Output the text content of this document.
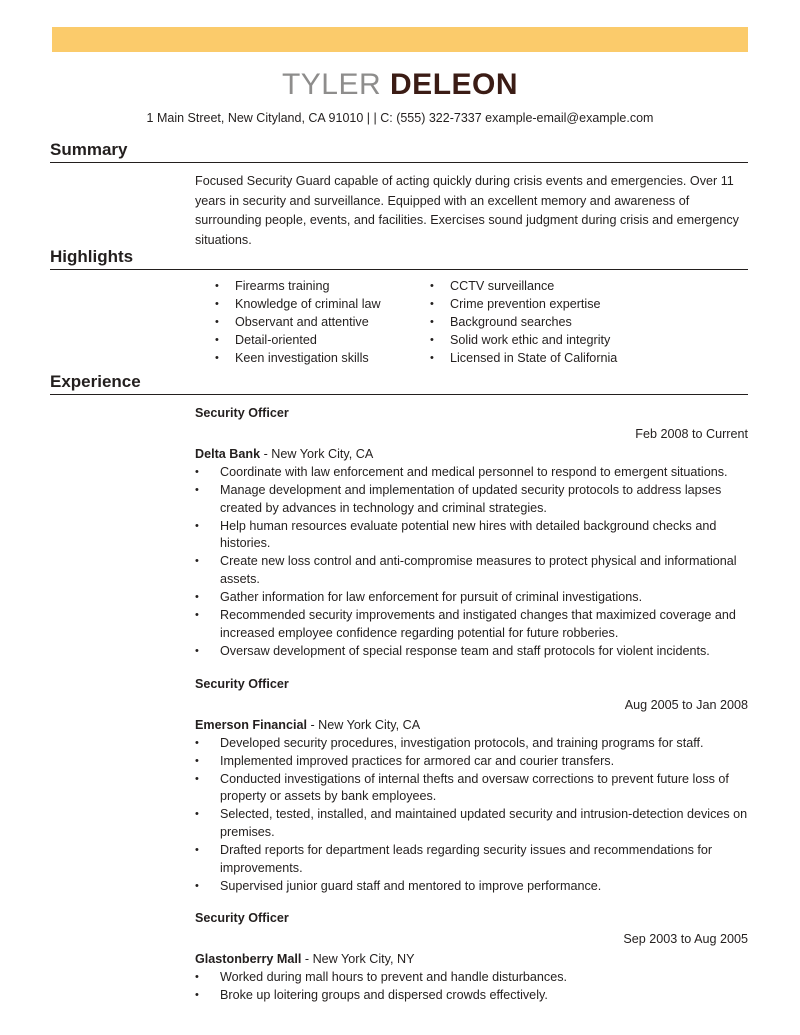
TYLER DELEON
1 Main Street, New Cityland, CA 91010 | | C: (555) 322-7337 example-email@example.com
Summary
Focused Security Guard capable of acting quickly during crisis events and emergencies. Over 11 years in security and surveillance. Equipped with an excellent memory and awareness of surrounding people, events, and facilities. Exercises sound judgment during crisis and emergency situations.
Highlights
•	Firearms training
•	Knowledge of criminal law
•	Observant and attentive
•	Detail-oriented
•	Keen investigation skills
•	CCTV surveillance
•	Crime prevention expertise
•	Background searches
•	Solid work ethic and integrity
•	Licensed in State of California
Experience
Security Officer
Feb 2008 to Current
Delta Bank - New York City, CA
•	Coordinate with law enforcement and medical personnel to respond to emergent situations.
•	Manage development and implementation of updated security protocols to address lapses created by advances in technology and criminal strategies.
•	Help human resources evaluate potential new hires with detailed background checks and histories.
•	Create new loss control and anti-compromise measures to protect physical and informational assets.
•	Gather information for law enforcement for pursuit of criminal investigations.
•	Recommended security improvements and instigated changes that maximized coverage and increased employee confidence regarding potential for future robberies.
•	Oversaw development of special response team and staff protocols for violent incidents.
Security Officer
Aug 2005 to Jan 2008
Emerson Financial - New York City, CA
•	Developed security procedures, investigation protocols, and training programs for staff.
•	Implemented improved practices for armored car and courier transfers.
•	Conducted investigations of internal thefts and oversaw corrections to prevent future loss of property or assets by bank employees.
•	Selected, tested, installed, and maintained updated security and intrusion-detection devices on premises.
•	Drafted reports for department leads regarding security issues and recommendations for improvements.
•	Supervised junior guard staff and mentored to improve performance.
Security Officer
Sep 2003 to Aug 2005
Glastonberry Mall - New York City, NY
•	Worked during mall hours to prevent and handle disturbances.
•	Broke up loitering groups and dispersed crowds effectively.
